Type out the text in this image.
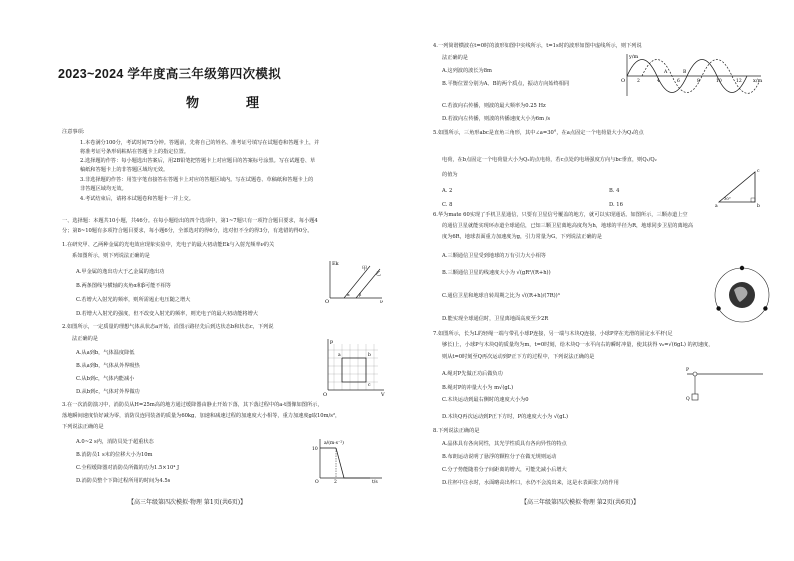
2023~2024 学年度高三年级第四次模拟
物	理
注意事项:
1.本卷满分100分，考试时间75分钟。答题前，先将自己的姓名、准考证号填写在试题卷和答题卡上，并
将准考证号条形码粘贴在答题卡上的指定位置。
2.选择题的作答：每小题选出答案后，用2B铅笔把答题卡上对应题目的答案标号涂黑。写在试题卷、草
稿纸和答题卡上的非答题区域均无效。
3.非选择题的作答：用签字笔直接答在答题卡上对应的答题区域内。写在试题卷、草稿纸和答题卡上的
非答题区域均无效。
4.考试结束后，请将本试题卷和答题卡一并上交。
一、选择题：本题共10小题，共46分。在每小题给出的四个选项中，第1~7题只有一项符合题目要求，每小题4
分；第8~10题有多项符合题目要求，每小题6分，全部选对的得6分，选对但不全的得3分，有选错的得0分。
1.在研究甲、乙两种金属的光电效应现象实验中，光电子的最大初动能Ek与入射光频率ν的关
系如图所示，则下列说法正确的是
A.甲金属的逸出功大于乙金属的逸出功
B.两条图线与横轴的夹角α和β可能不相等
C.若增大入射光的频率，则所需遏止电压随之增大
D.若增大入射光的强度，但不改变入射光的频率，则光电子的最大初动能将增大
Ek
甲
乙
α β
O	ν
2.如图所示，一定质量的理想气体从状态a开始，沿图示路径先后到达状态b和状态c，下列说
法正确的是
A.从a到b，气体温度降低
B.从a到b，气体从外界吸热
C.从b到c，气体内能减小
D.从b到c，气体对外界做功
p
O	V
a	b
c
3.在一次消防演习中，消防员从H=25m高的地方通过缓降器由静止开始下落，其下落过程中的a-t图像如图所示，
落地瞬间速度恰好减为零，消防员连同装备的质量为60kg，加速和减速过程的加速度大小相等，重力加速度g取10m/s²，
下列说法正确的是
A.0~2 s内，消防员处于超重状态
B.消防员1 s末的位移大小为10m
C.全程缓降器对消防员所做的功为1.5×10⁴ J
D.消防员整个下降过程所用的时间为4.5s
a/(m·s⁻²)
10
O	2	t/s
【高三年级第四次模拟·物理 第1页(共6页)】
4.一列简谐横波在t=0时的波形如图中实线所示，t=1s时的波形如图中虚线所示，则下列说
法正确的是
A.这列波的波长为8m
B.平衡位置分别为A、B的两个质点，振动方向始终相同
C.若波向右传播，则波的最大频率为0.25 Hz
D.若波向左传播，则波的传播速度大小为6m /s
y/m
O	2	4	6	8	10	12 x/m
A	B
5.如图所示，三角形abc是直角三角形，其中∠a=30°，在a点固定一个电荷量大小为Q₁的点
电荷，在b点固定一个电荷量大小为Q₂的点电荷，若c点处的电场强度方向与bc垂直，则Q₁/Q₂
的值为
A. 2	B. 4
C. 8	D. 16	a	b
c
30°
6.华为mate 60实现了手机卫星通信，只要有卫星信号覆盖的地方，就可以实现通话。如图所示，三颗赤道上空
的通信卫星就能实现环赤道全球通信，已知三颗卫星离地高度均为h，地球的半径为R，地球同步卫星的离地高
度为6R，地球表面重力加速度为g，引力常量为G，下列说法正确的是
A.三颗通信卫星受到地球的万有引力大小相等
B.三颗通信卫星的线速度大小为 √(gR²/(R+h))
C.通信卫星和地球自转周期之比为 √((R+h)/(7R))³
D.能实现全球通信时，卫星离地面高度至少2R
7.如图所示，长为L的轻绳一端与带孔小球P连接，另一端与木块Q连接，小球P穿在光滑的固定水平杆(足
够长)上，小球P与木块Q的质量均为m，t=0时刻，给木块Q一水平向右的瞬时冲量，使其获得 v₀=√(6gL) 的初速度，
则从t=0时刻至Q再次运动到P正下方的过程中，下列说法正确的是
A.绳对P先做正功后做负功
B.绳对P的冲量大小为 m√(gL)
C.木块运动到最右侧时的速度大小为0
D.木块Q再次运动到P正下方时，P的速度大小为 √(gL)
P
Q
8.下列说法正确的是
A.晶体具有各向同性，其光学性质具有各向异性的特点
B.布朗运动说明了悬浮的颗粒分子在做无规则运动
C.分子势能随着分子间距离的增大，可能先减小后增大
D.往杯中注水时，水面略高出杯口，水仍不会流出来，这是水表面张力的作用
【高三年级第四次模拟·物理 第2页(共6页)】
